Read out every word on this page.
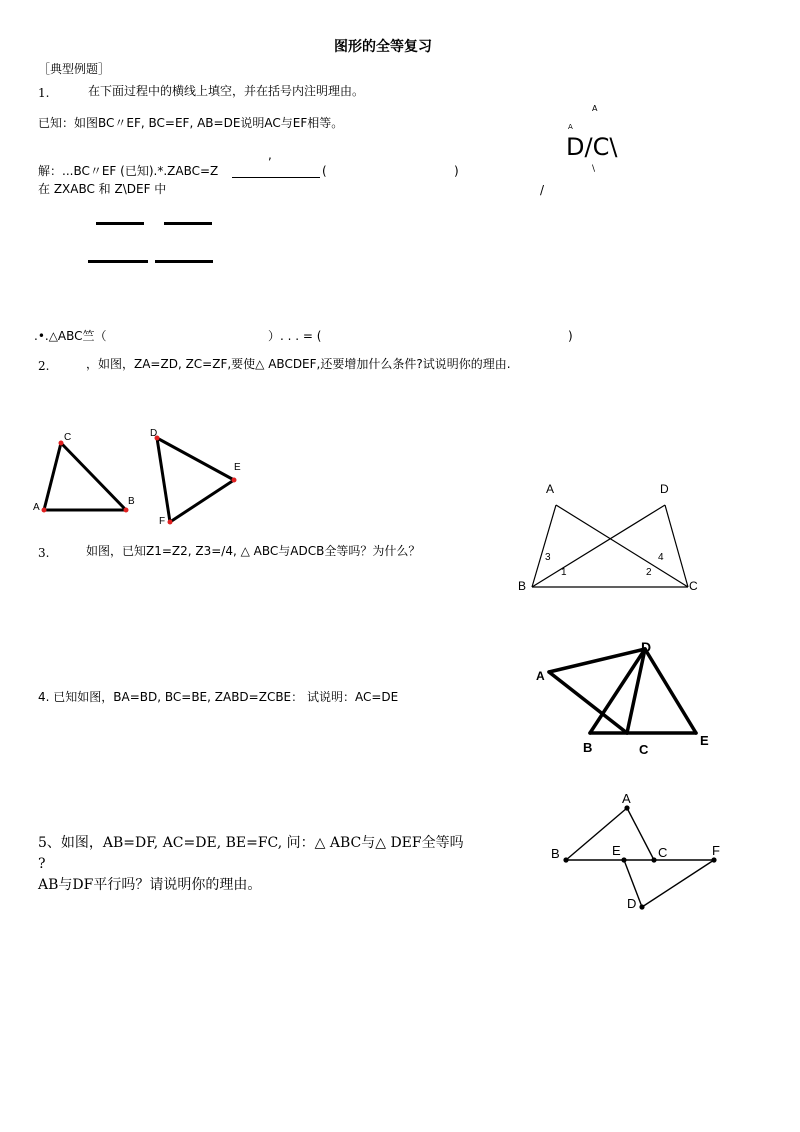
图形的全等复习
［典型例题］
1.	在下面过程中的横线上填空，并在括号内注明理由。
已知：如图BC〃EF, BC=EF, AB=DE说明AC与EF相等。
,
解：...BC〃EF (已知).*.ZABC=Z	(	)
在 ZXABC 和 Z\DEF 中	/
A
A
D/C\
\
.•.△ABC竺（	）. . . = (	)
2.	，如图，ZA=ZD, ZC=ZF,要使△ ABCDEF,还要增加什么条件?试说明你的理由.
A
C
B
D
E
F
3.	如图，已知Z1=Z2, Z3=/4, △ ABC与ADCB全等吗？为什么？
A	D
B	C
3
1
4
2
4. 已知如图，BA=BD, BC=BE, ZABD=ZCBE： 试说明：AC=DE
A
D
B	C
E
5、如图，AB=DF, AC=DE, BE=FC, 问：△ ABC与△ DEF全等吗
?
AB与DF平行吗？请说明你的理由。
A
B	E	C	F
D
